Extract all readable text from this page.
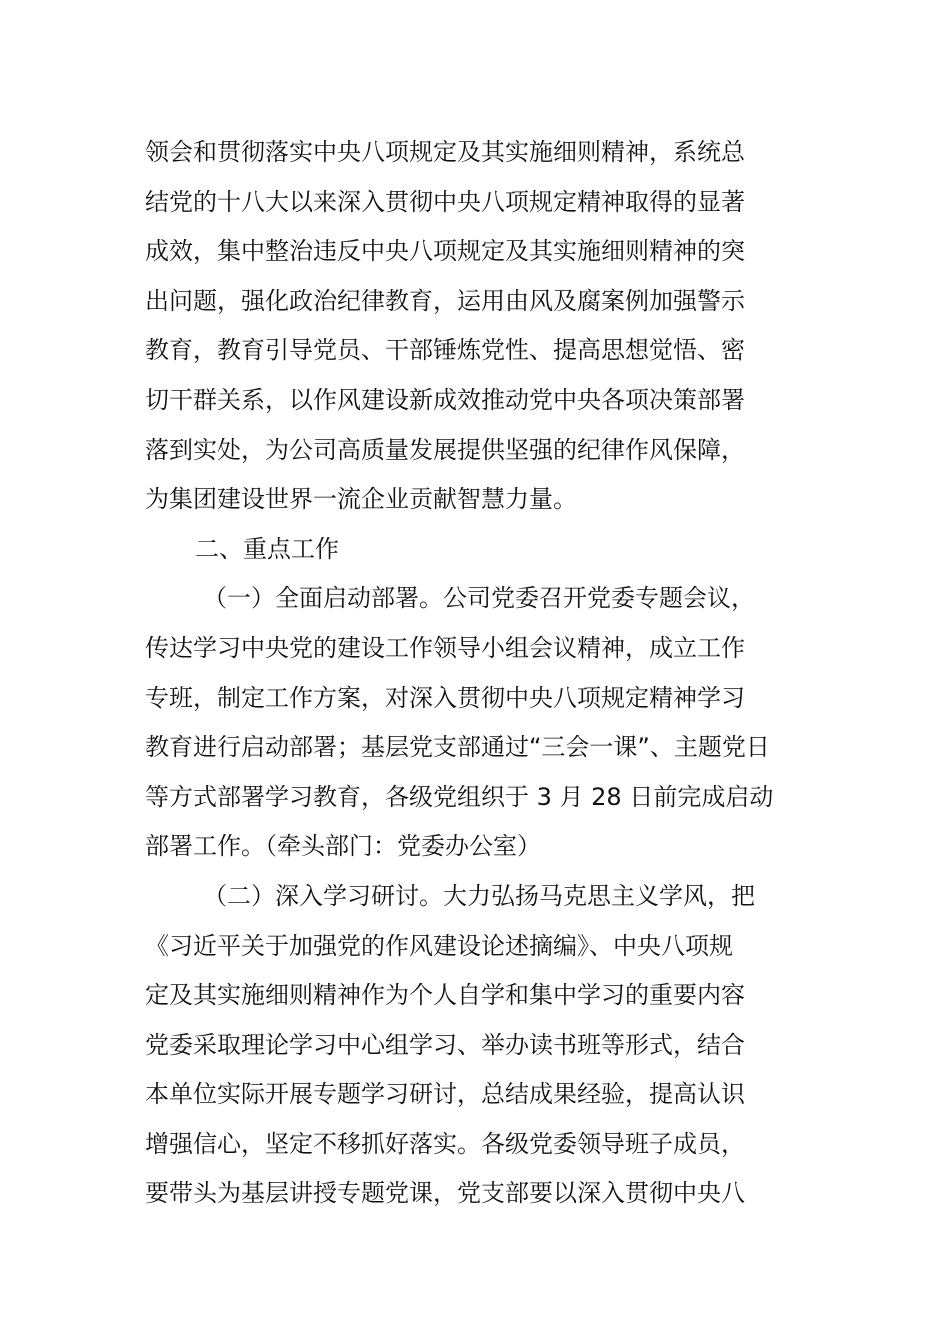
领会和贯彻落实中央八项规定及其实施细则精神，系统总
结党的十八大以来深入贯彻中央八项规定精神取得的显著
成效，集中整治违反中央八项规定及其实施细则精神的突
出问题，强化政治纪律教育，运用由风及腐案例加强警示
教育，教育引导党员、干部锤炼党性、提高思想觉悟、密
切干群关系，以作风建设新成效推动党中央各项决策部署
落到实处，为公司高质量发展提供坚强的纪律作风保障，
为集团建设世界一流企业贡献智慧力量。
二、重点工作
（一）全面启动部署。公司党委召开党委专题会议，
传达学习中央党的建设工作领导小组会议精神，成立工作
专班，制定工作方案，对深入贯彻中央八项规定精神学习
教育进行启动部署；基层党支部通过“三会一课”、主题党日
等方式部署学习教育，各级党组织于 3 月 28 日前完成启动
部署工作。（牵头部门：党委办公室）
（二）深入学习研讨。大力弘扬马克思主义学风，把
《习近平关于加强党的作风建设论述摘编》、中央八项规
定及其实施细则精神作为个人自学和集中学习的重要内容
党委采取理论学习中心组学习、举办读书班等形式，结合
本单位实际开展专题学习研讨，总结成果经验，提高认识
增强信心，坚定不移抓好落实。各级党委领导班子成员，
要带头为基层讲授专题党课，党支部要以深入贯彻中央八
